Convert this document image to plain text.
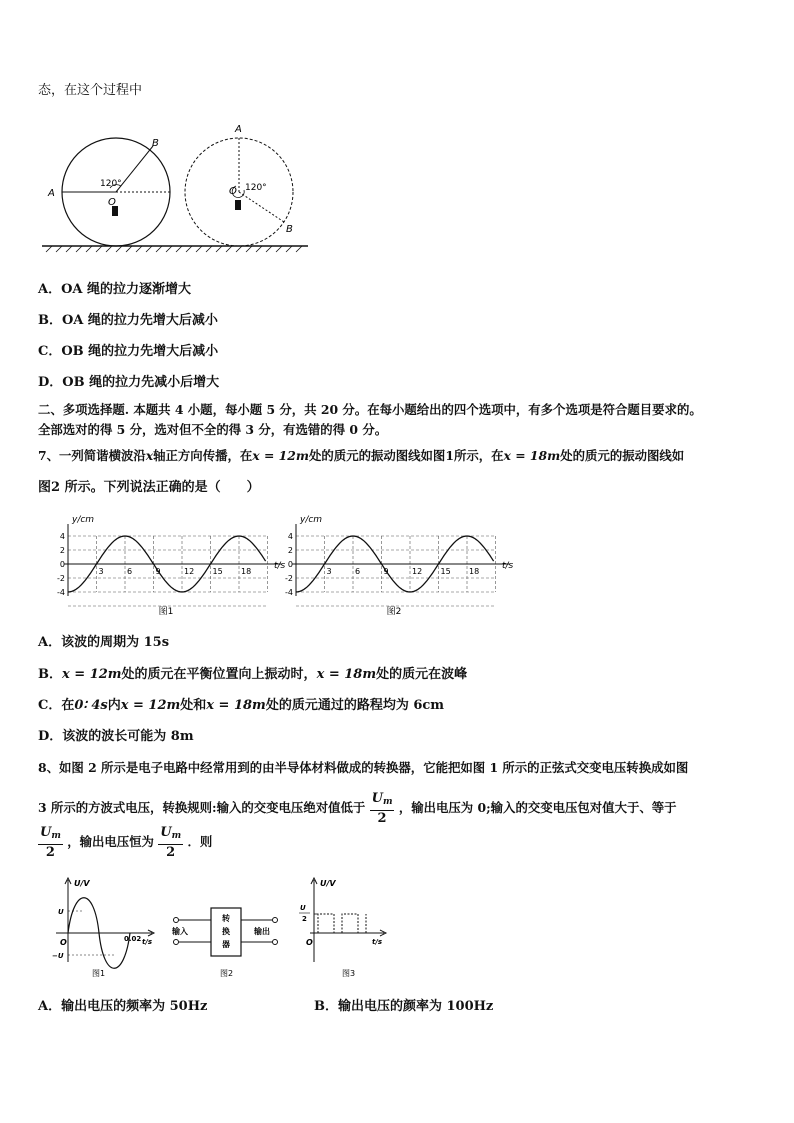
态，在这个过程中
A
B
O
120°
A
B
O 120°
A．OA 绳的拉力逐渐增大
B．OA 绳的拉力先增大后减小
C．OB 绳的拉力先增大后减小
D．OB 绳的拉力先减小后增大
二、多项选择题. 本题共 4 小题，每小题 5 分，共 20 分。在每小题给出的四个选项中，有多个选项是符合题目要求的。
全部选对的得 5 分，选对但不全的得 3 分，有选错的得 0 分。
7、一列简谐横波沿x轴正方向传播，在x = 12m处的质元的振动图线如图1所示，在x = 18m处的质元的振动图线如
图2 所示。下列说法正确的是（　　）
y/cm
t/s
4
2
0
-2
-4
3	6	9	12 15 18
图1
y/cm
t/s
4
2
0
-2
-4
3	6	9	12 15 18
图2
A．该波的周期为 15s
B．x = 12m处的质元在平衡位置向上振动时，x = 18m处的质元在波峰
C．在0∶ 4s内x = 12m处和x = 18m处的质元通过的路程均为 6cm
D．该波的波长可能为 8m
8、如图 2 所示是电子电路中经常用到的由半导体材料做成的转换器，它能把如图 1 所示的正弦式交变电压转换成如图
3 所示的方波式电压，转换规则:输入的交变电压绝对值低于 $\frac{U_m}{2}$ ，输出电压为 0;输入的交变电压包对值大于、等于
$\frac{U_m}{2}$ ，输出电压恒为 $\frac{U_m}{2}$ ．则
U/V
U
−U
O	0.02 t/s
图1
输入	输出
转
换
器
图2
U/V
U
2
O	t/s
图3
A．输出电压的频率为 50Hz	B．输出电压的颜率为 100Hz
